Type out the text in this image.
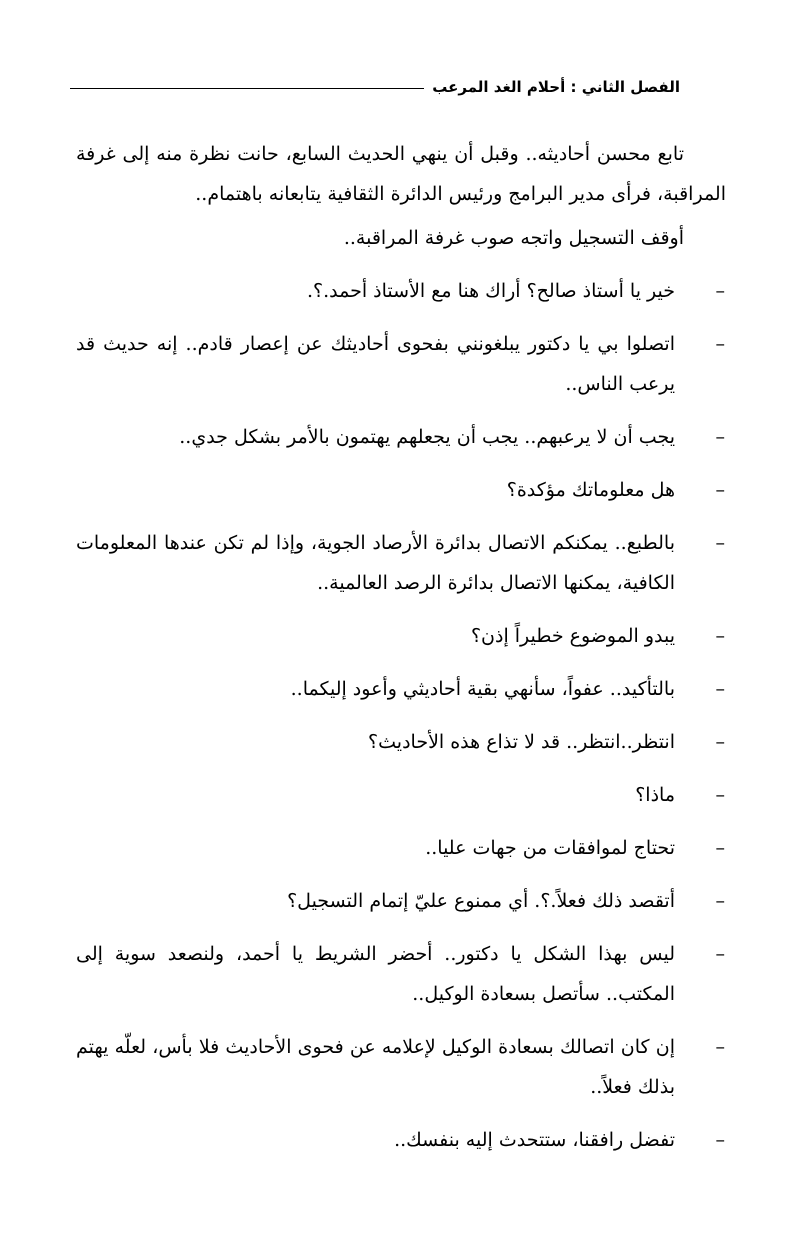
الفصل الثاني : أحلام الغد المرعب

تابع محسن أحاديثه.. وقبل أن ينهي الحديث السابع، حانت نظرة منه إلى غرفة المراقبة، فرأى مدير البرامج ورئيس الدائرة الثقافية يتابعانه باهتمام..

أوقف التسجيل واتجه صوب غرفة المراقبة..

–
خير يا أستاذ صالح؟ أراك هنا مع الأستاذ أحمد.؟.
–
اتصلوا بي يا دكتور يبلغونني بفحوى أحاديثك عن إعصار قادم.. إنه حديث قد يرعب الناس..
–
يجب أن لا يرعبهم.. يجب أن يجعلهم يهتمون بالأمر بشكل جدي..
–
هل معلوماتك مؤكدة؟
–
بالطبع.. يمكنكم الاتصال بدائرة الأرصاد الجوية، وإذا لم تكن عندها المعلومات الكافية، يمكنها الاتصال بدائرة الرصد العالمية..
–
يبدو الموضوع خطيراً إذن؟
–
بالتأكيد.. عفواً، سأنهي بقية أحاديثي وأعود إليكما..
–
انتظر..انتظر.. قد لا تذاع هذه الأحاديث؟
–
ماذا؟
–
تحتاج لموافقات من جهات عليا..
–
أتقصد ذلك فعلاً.؟. أي ممنوع عليّ إتمام التسجيل؟
–
ليس بهذا الشكل يا دكتور.. أحضر الشريط يا أحمد، ولنصعد سوية إلى المكتب.. سأتصل بسعادة الوكيل..
–
إن كان اتصالك بسعادة الوكيل لإعلامه عن فحوى الأحاديث فلا بأس، لعلّه يهتم بذلك فعلاً..
–
تفضل رافقنا، ستتحدث إليه بنفسك..
